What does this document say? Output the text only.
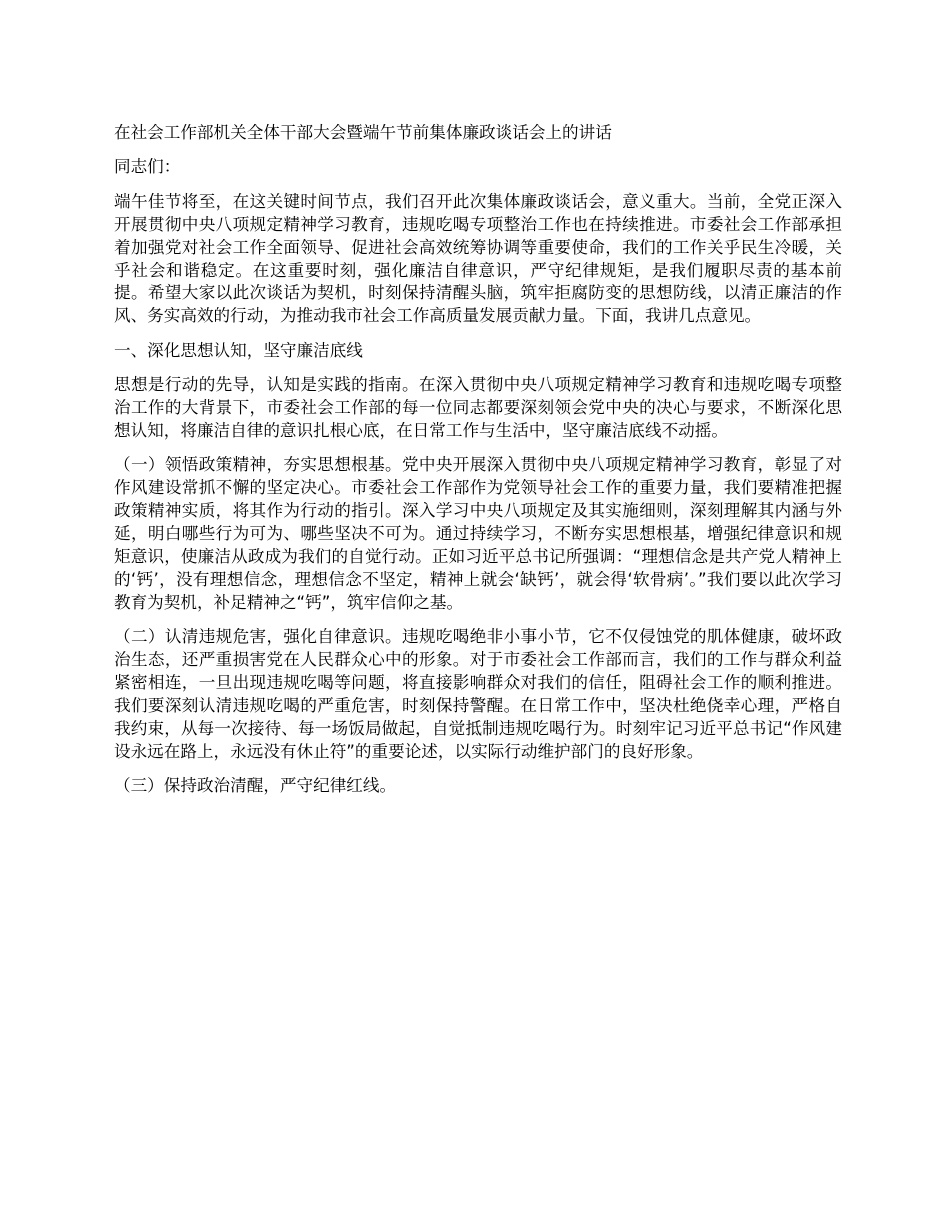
在社会工作部机关全体干部大会暨端午节前集体廉政谈话会上的讲话

同志们：

端午佳节将至，在这关键时间节点，我们召开此次集体廉政谈话会，意义重大。当前，全党正深入开展贯彻中央八项规定精神学习教育，违规吃喝专项整治工作也在持续推进。市委社会工作部承担着加强党对社会工作全面领导、促进社会高效统筹协调等重要使命，我们的工作关乎民生冷暖，关乎社会和谐稳定。在这重要时刻，强化廉洁自律意识，严守纪律规矩，是我们履职尽责的基本前提。希望大家以此次谈话为契机，时刻保持清醒头脑，筑牢拒腐防变的思想防线，以清正廉洁的作风、务实高效的行动，为推动我市社会工作高质量发展贡献力量。下面，我讲几点意见。

一、深化思想认知，坚守廉洁底线

思想是行动的先导，认知是实践的指南。在深入贯彻中央八项规定精神学习教育和违规吃喝专项整治工作的大背景下，市委社会工作部的每一位同志都要深刻领会党中央的决心与要求，不断深化思想认知，将廉洁自律的意识扎根心底，在日常工作与生活中，坚守廉洁底线不动摇。

（一）领悟政策精神，夯实思想根基。党中央开展深入贯彻中央八项规定精神学习教育，彰显了对作风建设常抓不懈的坚定决心。市委社会工作部作为党领导社会工作的重要力量，我们要精准把握政策精神实质，将其作为行动的指引。深入学习中央八项规定及其实施细则，深刻理解其内涵与外延，明白哪些行为可为、哪些坚决不可为。通过持续学习，不断夯实思想根基，增强纪律意识和规矩意识，使廉洁从政成为我们的自觉行动。正如习近平总书记所强调：“理想信念是共产党人精神上的‘钙’，没有理想信念，理想信念不坚定，精神上就会‘缺钙’，就会得‘软骨病’。”我们要以此次学习教育为契机，补足精神之“钙”，筑牢信仰之基。

（二）认清违规危害，强化自律意识。违规吃喝绝非小事小节，它不仅侵蚀党的肌体健康，破坏政治生态，还严重损害党在人民群众心中的形象。对于市委社会工作部而言，我们的工作与群众利益紧密相连，一旦出现违规吃喝等问题，将直接影响群众对我们的信任，阻碍社会工作的顺利推进。我们要深刻认清违规吃喝的严重危害，时刻保持警醒。在日常工作中，坚决杜绝侥幸心理，严格自我约束，从每一次接待、每一场饭局做起，自觉抵制违规吃喝行为。时刻牢记习近平总书记“作风建设永远在路上，永远没有休止符”的重要论述，以实际行动维护部门的良好形象。

（三）保持政治清醒，严守纪律红线。
